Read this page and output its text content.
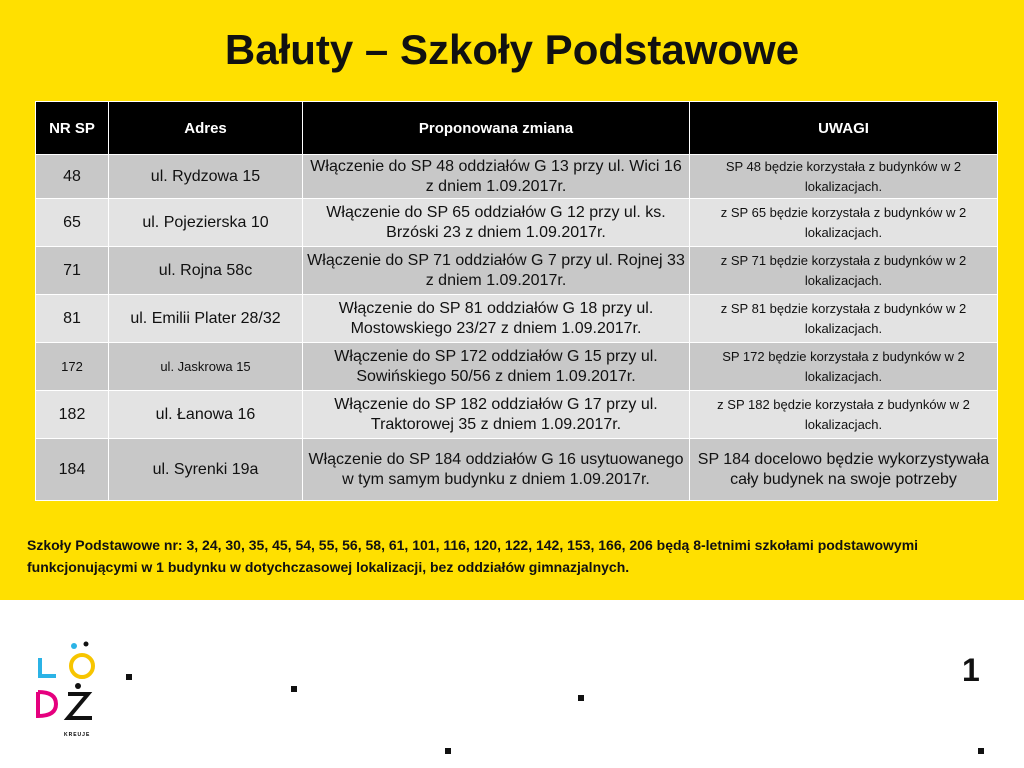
Bałuty – Szkoły Podstawowe
NR SP	Adres	Proponowana zmiana	UWAGI
48	ul. Rydzowa 15	Włączenie do SP 48 oddziałów G 13 przy ul. Wici 16 z dniem 1.09.2017r.	SP 48 będzie korzystała z budynków w 2 lokalizacjach.
65	ul. Pojezierska 10	Włączenie do SP 65 oddziałów G 12 przy ul. ks. Brzóski 23 z dniem 1.09.2017r.	z SP 65 będzie korzystała z budynków w 2 lokalizacjach.
71	ul. Rojna 58c	Włączenie do SP 71 oddziałów G 7 przy ul. Rojnej 33 z dniem 1.09.2017r.	z SP 71 będzie korzystała z budynków w 2 lokalizacjach.
81	ul. Emilii Plater 28/32	Włączenie do SP 81 oddziałów G 18 przy ul. Mostowskiego 23/27 z dniem 1.09.2017r.	z SP 81 będzie korzystała z budynków w 2 lokalizacjach.
172	ul. Jaskrowa 15	Włączenie do SP 172 oddziałów G 15 przy ul. Sowińskiego 50/56 z dniem 1.09.2017r.	SP 172 będzie korzystała z budynków w 2 lokalizacjach.
182	ul. Łanowa 16	Włączenie do SP 182 oddziałów G 17 przy ul. Traktorowej 35 z dniem 1.09.2017r.	z SP 182 będzie korzystała z budynków w 2 lokalizacjach.
184	ul. Syrenki 19a	Włączenie do SP 184 oddziałów G 16 usytuowanego w tym samym budynku z dniem 1.09.2017r.	SP 184 docelowo będzie wykorzystywała cały budynek na swoje potrzeby
Szkoły Podstawowe nr: 3, 24, 30, 35, 45, 54, 55, 56, 58, 61, 101, 116, 120, 122, 142, 153, 166, 206 będą 8-letnimi szkołami podstawowymi funkcjonującymi w 1 budynku w dotychczasowej lokalizacji, bez oddziałów gimnazjalnych.
KREUJE
1
